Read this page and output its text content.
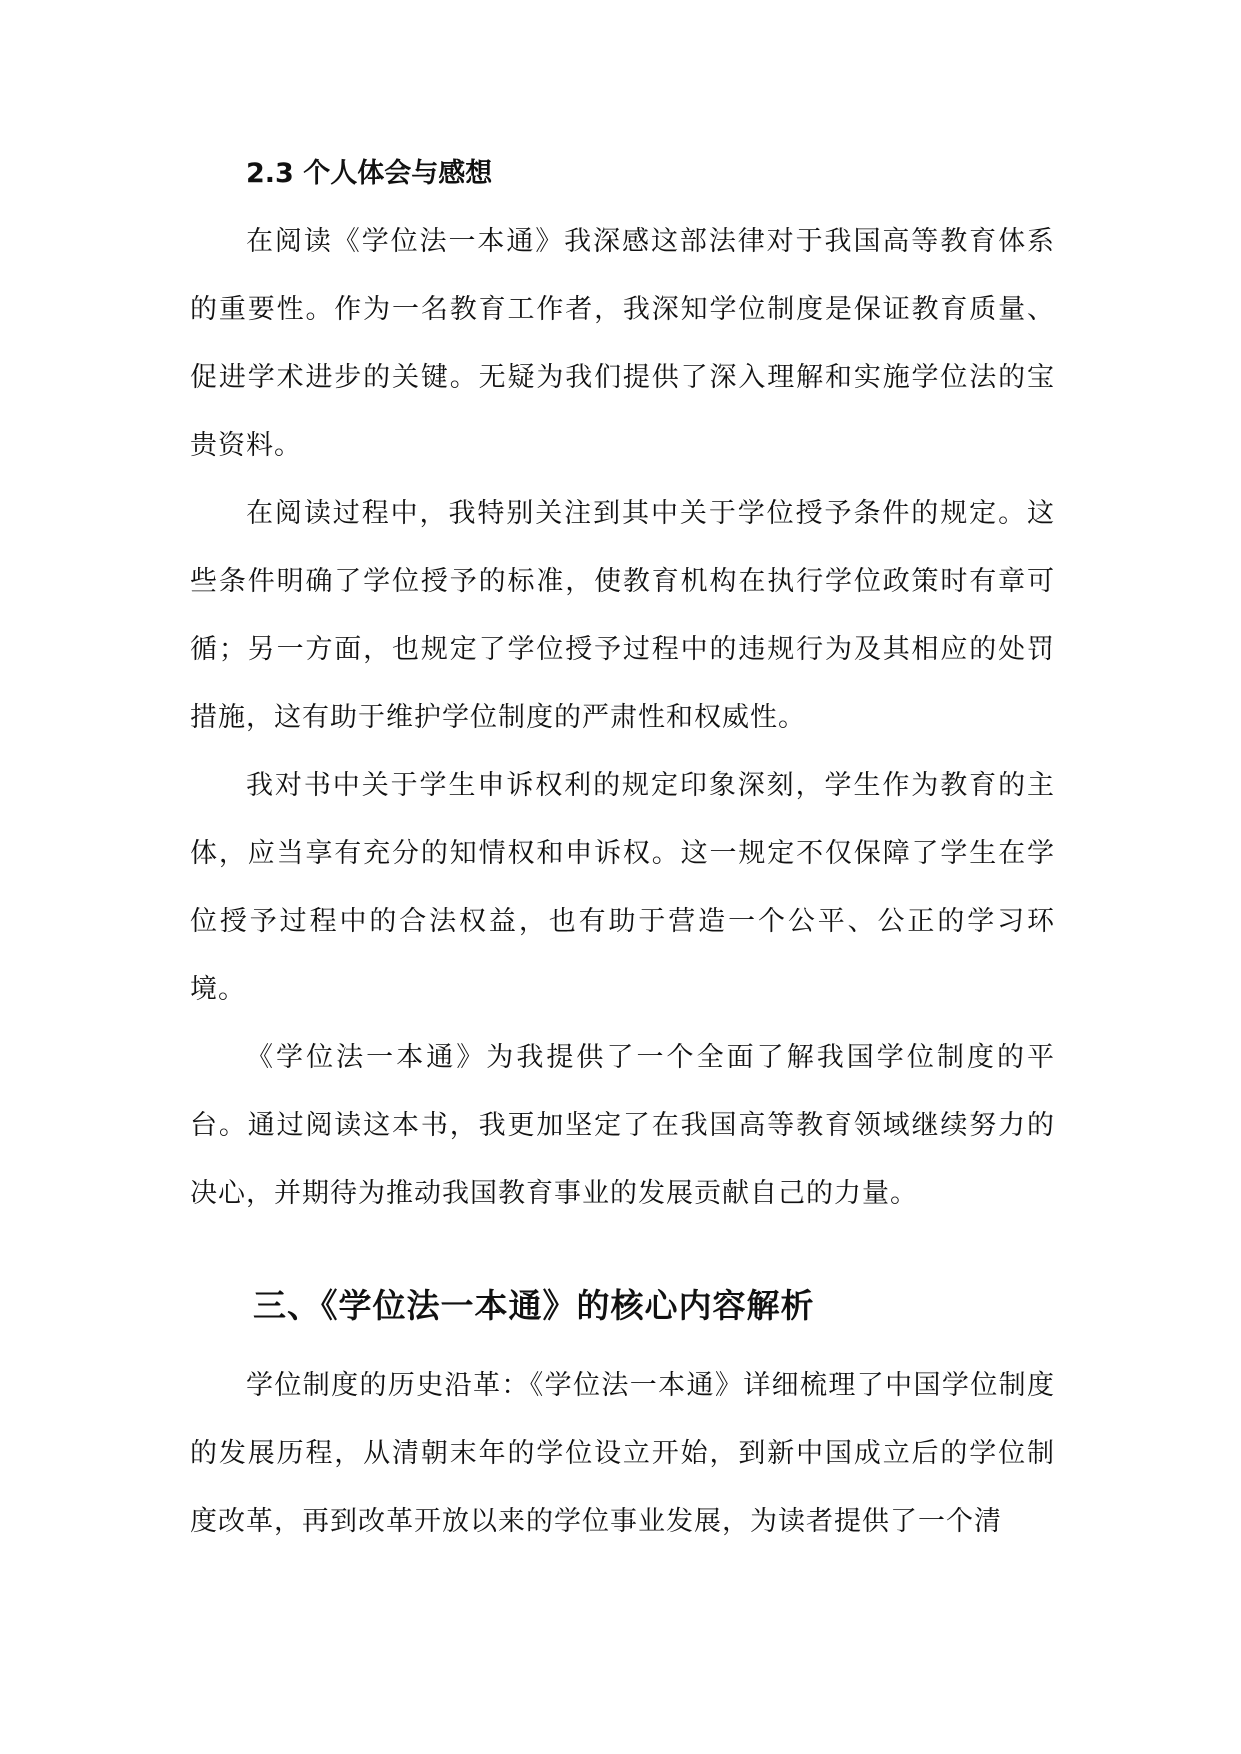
2.3 个人体会与感想

在阅读《学位法一本通》我深感这部法律对于我国高等教育体系的重要性。作为一名教育工作者，我深知学位制度是保证教育质量、促进学术进步的关键。无疑为我们提供了深入理解和实施学位法的宝贵资料。

在阅读过程中，我特别关注到其中关于学位授予条件的规定。这些条件明确了学位授予的标准，使教育机构在执行学位政策时有章可循；另一方面，也规定了学位授予过程中的违规行为及其相应的处罚措施，这有助于维护学位制度的严肃性和权威性。

我对书中关于学生申诉权利的规定印象深刻，学生作为教育的主体，应当享有充分的知情权和申诉权。这一规定不仅保障了学生在学位授予过程中的合法权益，也有助于营造一个公平、公正的学习环境。

《学位法一本通》为我提供了一个全面了解我国学位制度的平台。通过阅读这本书，我更加坚定了在我国高等教育领域继续努力的决心，并期待为推动我国教育事业的发展贡献自己的力量。

三、《学位法一本通》的核心内容解析

学位制度的历史沿革：《学位法一本通》详细梳理了中国学位制度的发展历程，从清朝末年的学位设立开始，到新中国成立后的学位制度改革，再到改革开放以来的学位事业发展，为读者提供了一个清
